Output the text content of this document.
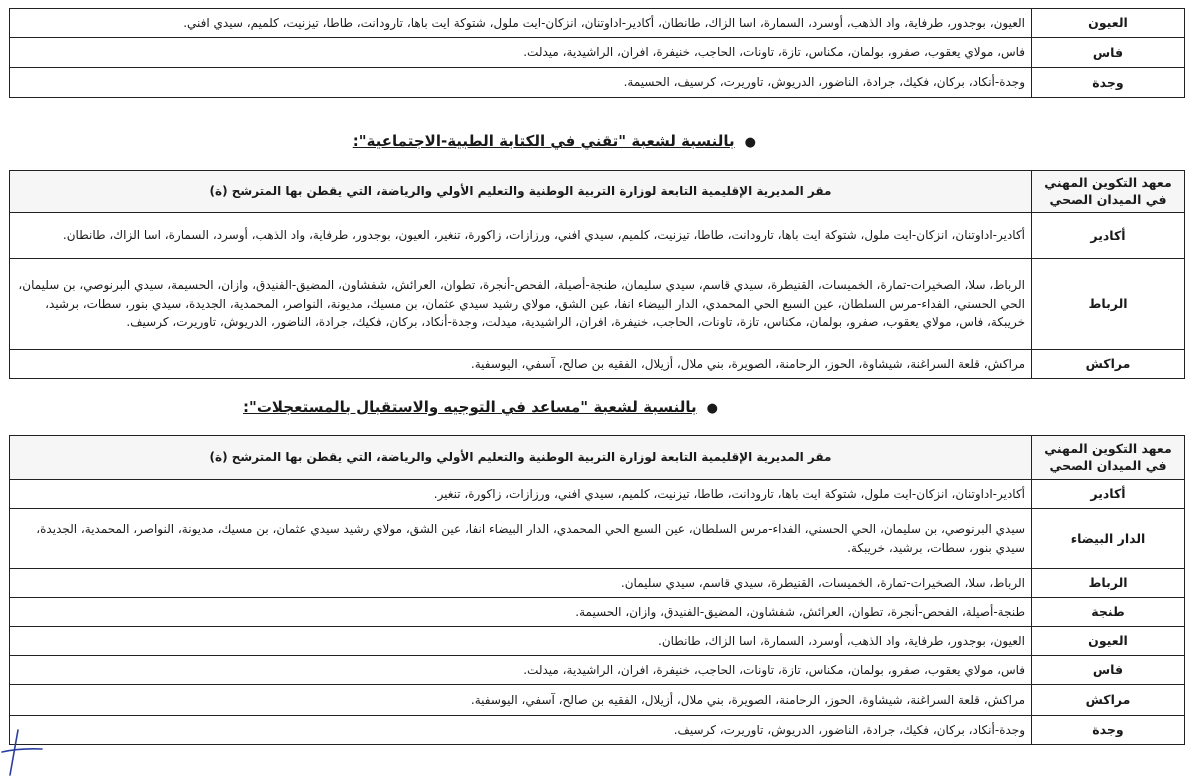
العيون	العيون، بوجدور، طرفاية، واد الذهب، أوسرد، السمارة، اسا الزاك، طانطان، أكادير-اداوتنان، انزكان-ايت ملول، شتوكة ايت باها، تارودانت، طاطا، تيزنيت، كلميم، سيدي افني.
فاس	فاس، مولاي يعقوب، صفرو، بولمان، مكناس، تازة، تاونات، الحاجب، خنيفرة، افران، الراشيدية، ميدلت.
وجدة	وجدة-أنكاد، بركان، فكيك، جرادة، الناضور، الدريوش، تاوريرت، كرسيف، الحسيمة.
●بالنسبة لشعبة "تقني في الكتابة الطبية-الاجتماعية":
معهد التكوين المهني في الميدان الصحي	مقر المديرية الإقليمية التابعة لوزارة التربية الوطنية والتعليم الأولي والرياضة، التي يقطن بها المترشح (ة)
أكادير	أكادير-اداوتنان، انزكان-ايت ملول، شتوكة ايت باها، تارودانت، طاطا، تيزنيت، كلميم، سيدي افني، ورزازات، زاكورة، تنغير، العيون، بوجدور، طرفاية، واد الذهب، أوسرد، السمارة، اسا الزاك، طانطان.
الرباط	الرباط، سلا، الصخيرات-تمارة، الخميسات، القنيطرة، سيدي قاسم، سيدي سليمان، طنجة-أصيلة، الفحص-أنجرة، تطوان، العرائش، شفشاون، المضيق-الفنيدق، وازان، الحسيمة، سيدي البرنوصي، بن سليمان، الحي الحسني، الفداء-مرس السلطان، عين السبع الحي المحمدي، الدار البيضاء انفا، عين الشق، مولاي رشيد سيدي عثمان، بن مسيك، مديونة، النواصر، المحمدية، الجديدة، سيدي بنور، سطات، برشيد، خريبكة، فاس، مولاي يعقوب، صفرو، بولمان، مكناس، تازة، تاونات، الحاجب، خنيفرة، افران، الراشيدية، ميدلت، وجدة-أنكاد، بركان، فكيك، جرادة، الناضور، الدريوش، تاوريرت، كرسيف.
مراكش	مراكش، قلعة السراغنة، شيشاوة، الحوز، الرحامنة، الصويرة، بني ملال، أزيلال، الفقيه بن صالح، آسفي، اليوسفية.
●بالنسبة لشعبة "مساعد في التوجيه والاستقبال بالمستعجلات":
معهد التكوين المهني في الميدان الصحي	مقر المديرية الإقليمية التابعة لوزارة التربية الوطنية والتعليم الأولي والرياضة، التي يقطن بها المترشح (ة)
أكادير	أكادير-اداوتنان، انزكان-ايت ملول، شتوكة ايت باها، تارودانت، طاطا، تيزنيت، كلميم، سيدي افني، ورزازات، زاكورة، تنغير.
الدار البيضاء	سيدي البرنوصي، بن سليمان، الحي الحسني، الفداء-مرس السلطان، عين السبع الحي المحمدي، الدار البيضاء انفا، عين الشق، مولاي رشيد سيدي عثمان، بن مسيك، مديونة، النواصر، المحمدية، الجديدة، سيدي بنور، سطات، برشيد، خريبكة.
الرباط	الرباط، سلا، الصخيرات-تمارة، الخميسات، القنيطرة، سيدي قاسم، سيدي سليمان.
طنجة	طنجة-أصيلة، الفحص-أنجرة، تطوان، العرائش، شفشاون، المضيق-الفنيدق، وازان، الحسيمة.
العيون	العيون، بوجدور، طرفاية، واد الذهب، أوسرد، السمارة، اسا الزاك، طانطان.
فاس	فاس، مولاي يعقوب، صفرو، بولمان، مكناس، تازة، تاونات، الحاجب، خنيفرة، افران، الراشيدية، ميدلت.
مراكش	مراكش، قلعة السراغنة، شيشاوة، الحوز، الرحامنة، الصويرة، بني ملال، أزيلال، الفقيه بن صالح، آسفي، اليوسفية.
وجدة	وجدة-أنكاد، بركان، فكيك، جرادة، الناضور، الدريوش، تاوريرت، كرسيف.
